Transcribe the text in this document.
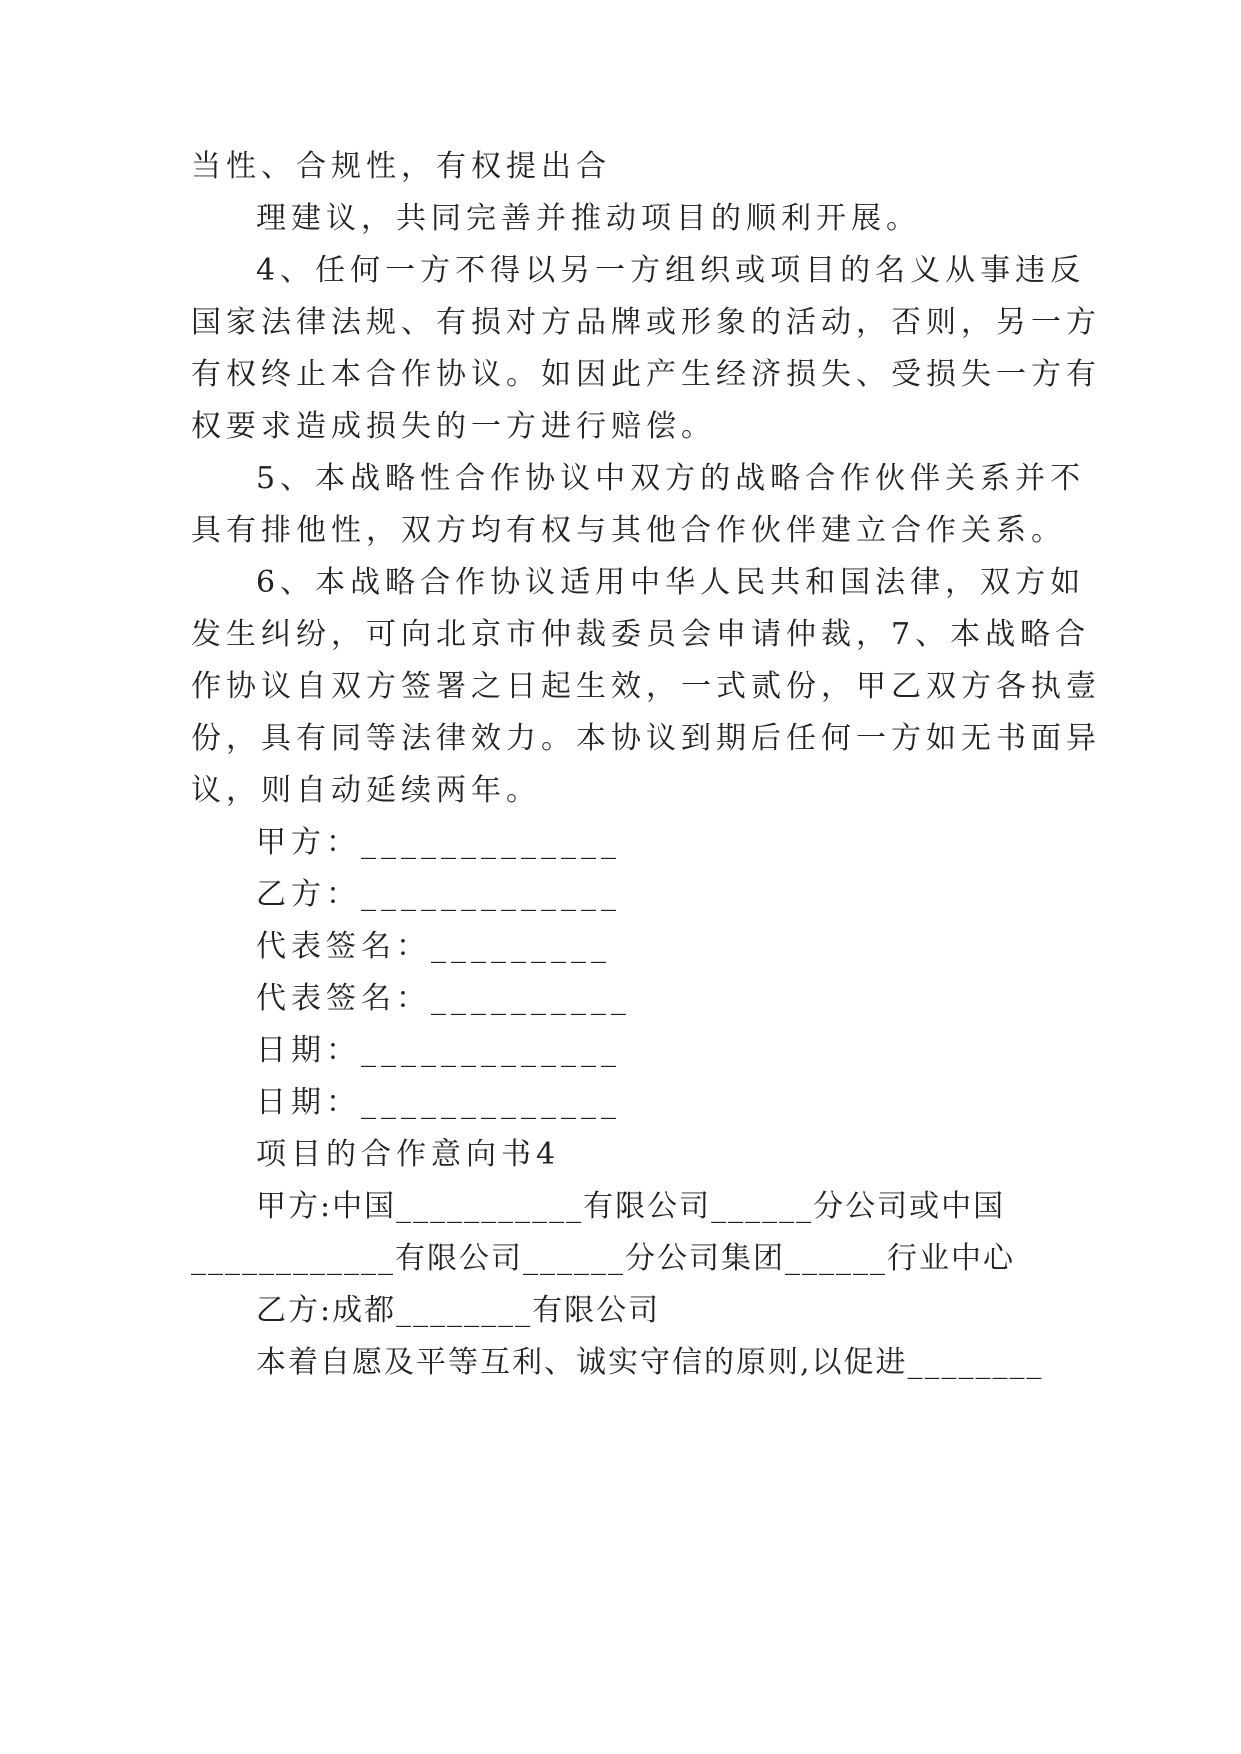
当性、合规性，有权提出合
理建议，共同完善并推动项目的顺利开展。
4、任何一方不得以另一方组织或项目的名义从事违反
国家法律法规、有损对方品牌或形象的活动，否则，另一方
有权终止本合作协议。如因此产生经济损失、受损失一方有
权要求造成损失的一方进行赔偿。
5、本战略性合作协议中双方的战略合作伙伴关系并不
具有排他性，双方均有权与其他合作伙伴建立合作关系。
6、本战略合作协议适用中华人民共和国法律，双方如
发生纠纷，可向北京市仲裁委员会申请仲裁，7、本战略合
作协议自双方签署之日起生效，一式贰份，甲乙双方各执壹
份，具有同等法律效力。本协议到期后任何一方如无书面异
议，则自动延续两年。
甲方：_____________
乙方：_____________
代表签名：_________
代表签名：__________
日期：_____________
日期：_____________
项目的合作意向书4
甲方:中国___________有限公司______分公司或中国
____________有限公司______分公司集团______行业中心
乙方:成都________有限公司
本着自愿及平等互利、诚实守信的原则,以促进________
